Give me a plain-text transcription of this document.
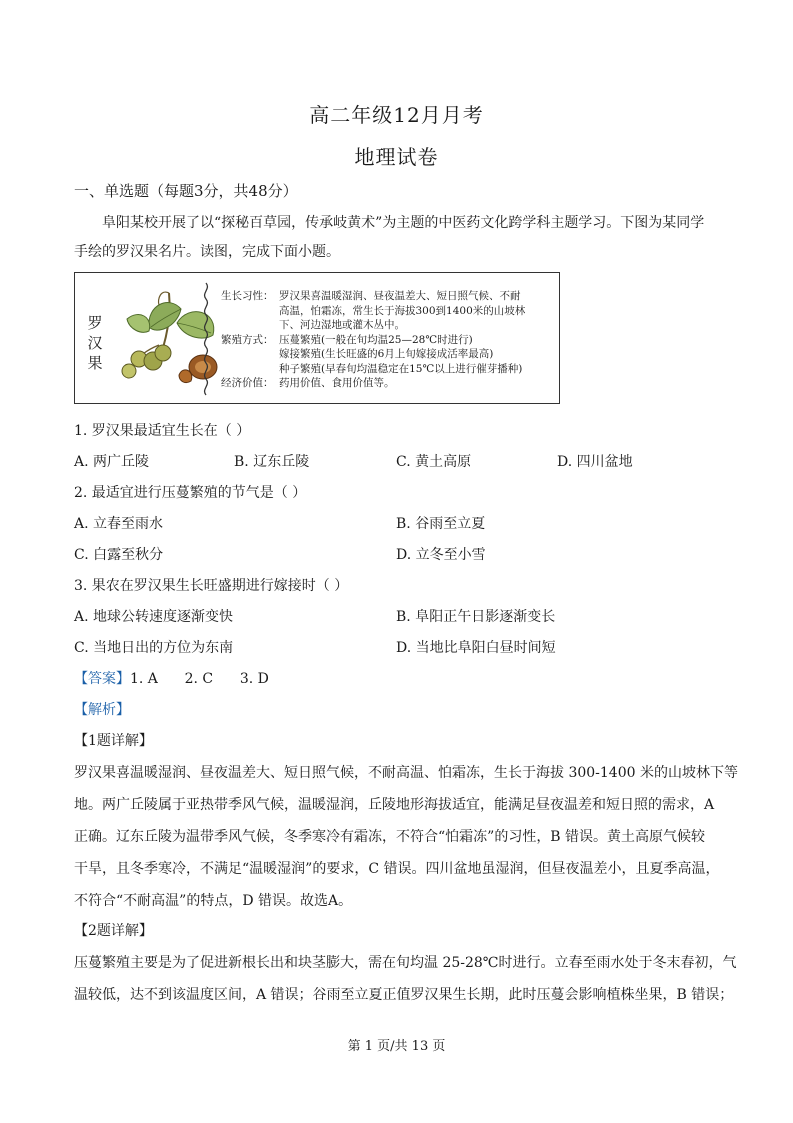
高二年级12月月考
地理试卷
一、单选题（每题3分，共48分）
阜阳某校开展了以“探秘百草园，传承岐黄术”为主题的中医药文化跨学科主题学习。下图为某同学
手绘的罗汉果名片。读图，完成下面小题。
罗
汉
果
生长习性： 罗汉果喜温暖湿润、昼夜温差大、短日照气候、不耐
高温，怕霜冻，常生长于海拔300到1400米的山坡林
下、河边湿地或灌木丛中。
繁殖方式： 压蔓繁殖(一般在旬均温25—28℃时进行)
嫁接繁殖(生长旺盛的6月上旬嫁接成活率最高)
种子繁殖(早春旬均温稳定在15℃以上进行催芽播种)
经济价值： 药用价值、食用价值等。
1. 罗汉果最适宜生长在（ ）
A. 两广丘陵	B. 辽东丘陵	C. 黄土高原	D. 四川盆地
2. 最适宜进行压蔓繁殖的节气是（ ）
A. 立春至雨水	B. 谷雨至立夏
C. 白露至秋分	D. 立冬至小雪
3. 果农在罗汉果生长旺盛期进行嫁接时（ ）
A. 地球公转速度逐渐变快	B. 阜阳正午日影逐渐变长
C. 当地日出的方位为东南	D. 当地比阜阳白昼时间短
【答案】1. A      2. C      3. D
【解析】
【1题详解】
罗汉果喜温暖湿润、昼夜温差大、短日照气候，不耐高温、怕霜冻，生长于海拔 300-1400 米的山坡林下等
地。两广丘陵属于亚热带季风气候，温暖湿润，丘陵地形海拔适宜，能满足昼夜温差和短日照的需求，A
正确。辽东丘陵为温带季风气候，冬季寒冷有霜冻，不符合“怕霜冻”的习性，B 错误。黄土高原气候较
干旱，且冬季寒冷，不满足“温暖湿润”的要求，C 错误。四川盆地虽湿润，但昼夜温差小，且夏季高温，
不符合“不耐高温”的特点，D 错误。故选A。
【2题详解】
压蔓繁殖主要是为了促进新根长出和块茎膨大，需在旬均温 25-28℃时进行。立春至雨水处于冬末春初，气
温较低，达不到该温度区间，A 错误；谷雨至立夏正值罗汉果生长期，此时压蔓会影响植株坐果，B 错误；
第 1 页/共 13 页
